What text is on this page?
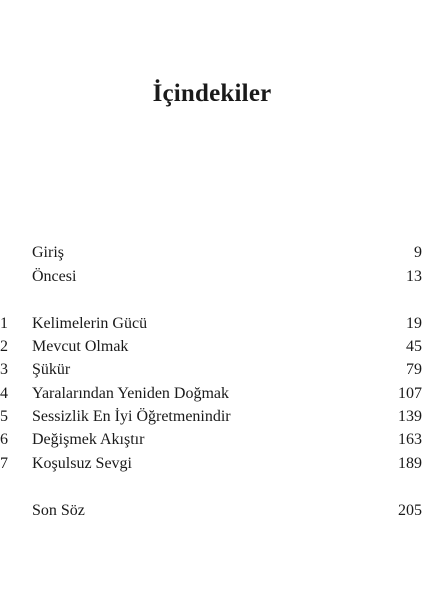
İçindekiler
Giriş	9
Öncesi	13
1 Kelimelerin Gücü	19
2 Mevcut Olmak	45
3 Şükür	79
4 Yaralarından Yeniden Doğmak	107
5 Sessizlik En İyi Öğretmenindir	139
6 Değişmek Akıştır	163
7 Koşulsuz Sevgi	189
Son Söz	205
